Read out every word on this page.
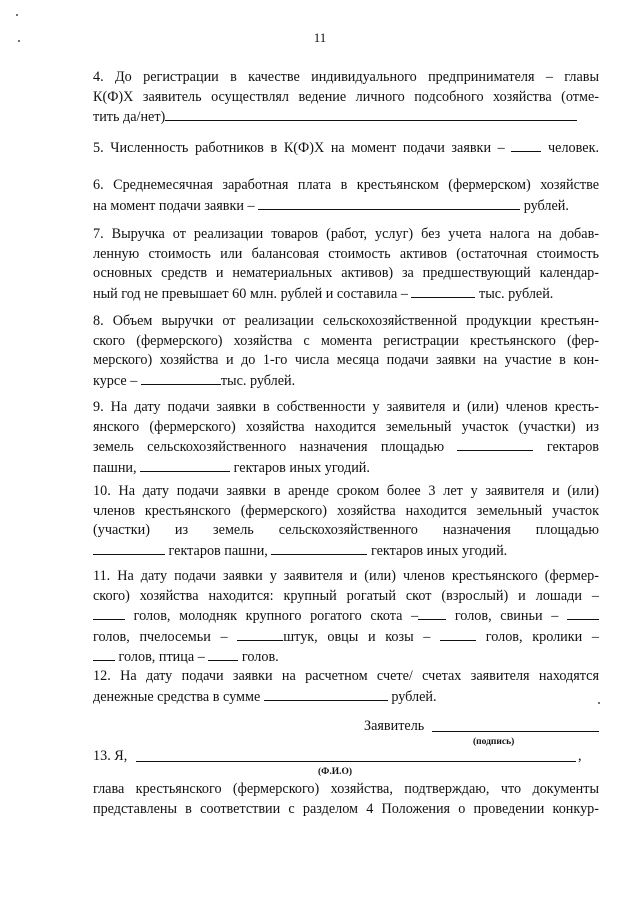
11
4. До регистрации в качестве индивидуального предпринимателя – главы
К(Ф)Х заявитель осуществлял ведение личного подсобного хозяйства (отме-
тить да/нет)
5. Численность работников в К(Ф)Х на момент подачи заявки –	человек.
6. Среднемесячная заработная плата в крестьянском (фермерском) хозяйстве
на момент подачи заявки –	рублей.
7. Выручка от реализации товаров (работ, услуг) без учета налога на добав-
ленную стоимость или балансовая стоимость активов (остаточная стоимость
основных средств и нематериальных активов) за предшествующий календар-
ный год не превышает 60 млн. рублей и составила –	тыс. рублей.
8. Объем выручки от реализации сельскохозяйственной продукции крестьян-
ского (фермерского) хозяйства с момента регистрации крестьянского (фер-
мерского) хозяйства и до 1-го числа месяца подачи заявки на участие в кон-
курсе –	тыс. рублей.
9. На дату подачи заявки в собственности у заявителя и (или) членов кресть-
янского (фермерского) хозяйства находится земельный участок (участки) из
земель сельскохозяйственного назначения площадью	гектаров
пашни,	гектаров иных угодий.
10. На дату подачи заявки в аренде сроком более 3 лет у заявителя и (или)
членов крестьянского (фермерского) хозяйства находится земельный участок
(участки) из земель сельскохозяйственного назначения площадью
гектаров пашни,	гектаров иных угодий.
11. На дату подачи заявки у заявителя и (или) членов крестьянского (фермер-
ского) хозяйства находится: крупный рогатый скот (взрослый) и лошади –
голов, молодняк крупного рогатого скота –	голов, свиньи –
голов, пчелосемьи –	штук, овцы и козы –	голов, кролики –
голов, птица –	голов.
12. На дату подачи заявки на расчетном счете/ счетах заявителя находятся
денежные средства в сумме	рублей.
Заявитель
(подпись)
13. Я,	,
(Ф.И.О)
глава крестьянского (фермерского) хозяйства, подтверждаю, что документы
представлены в соответствии с разделом 4 Положения о проведении конкур-
